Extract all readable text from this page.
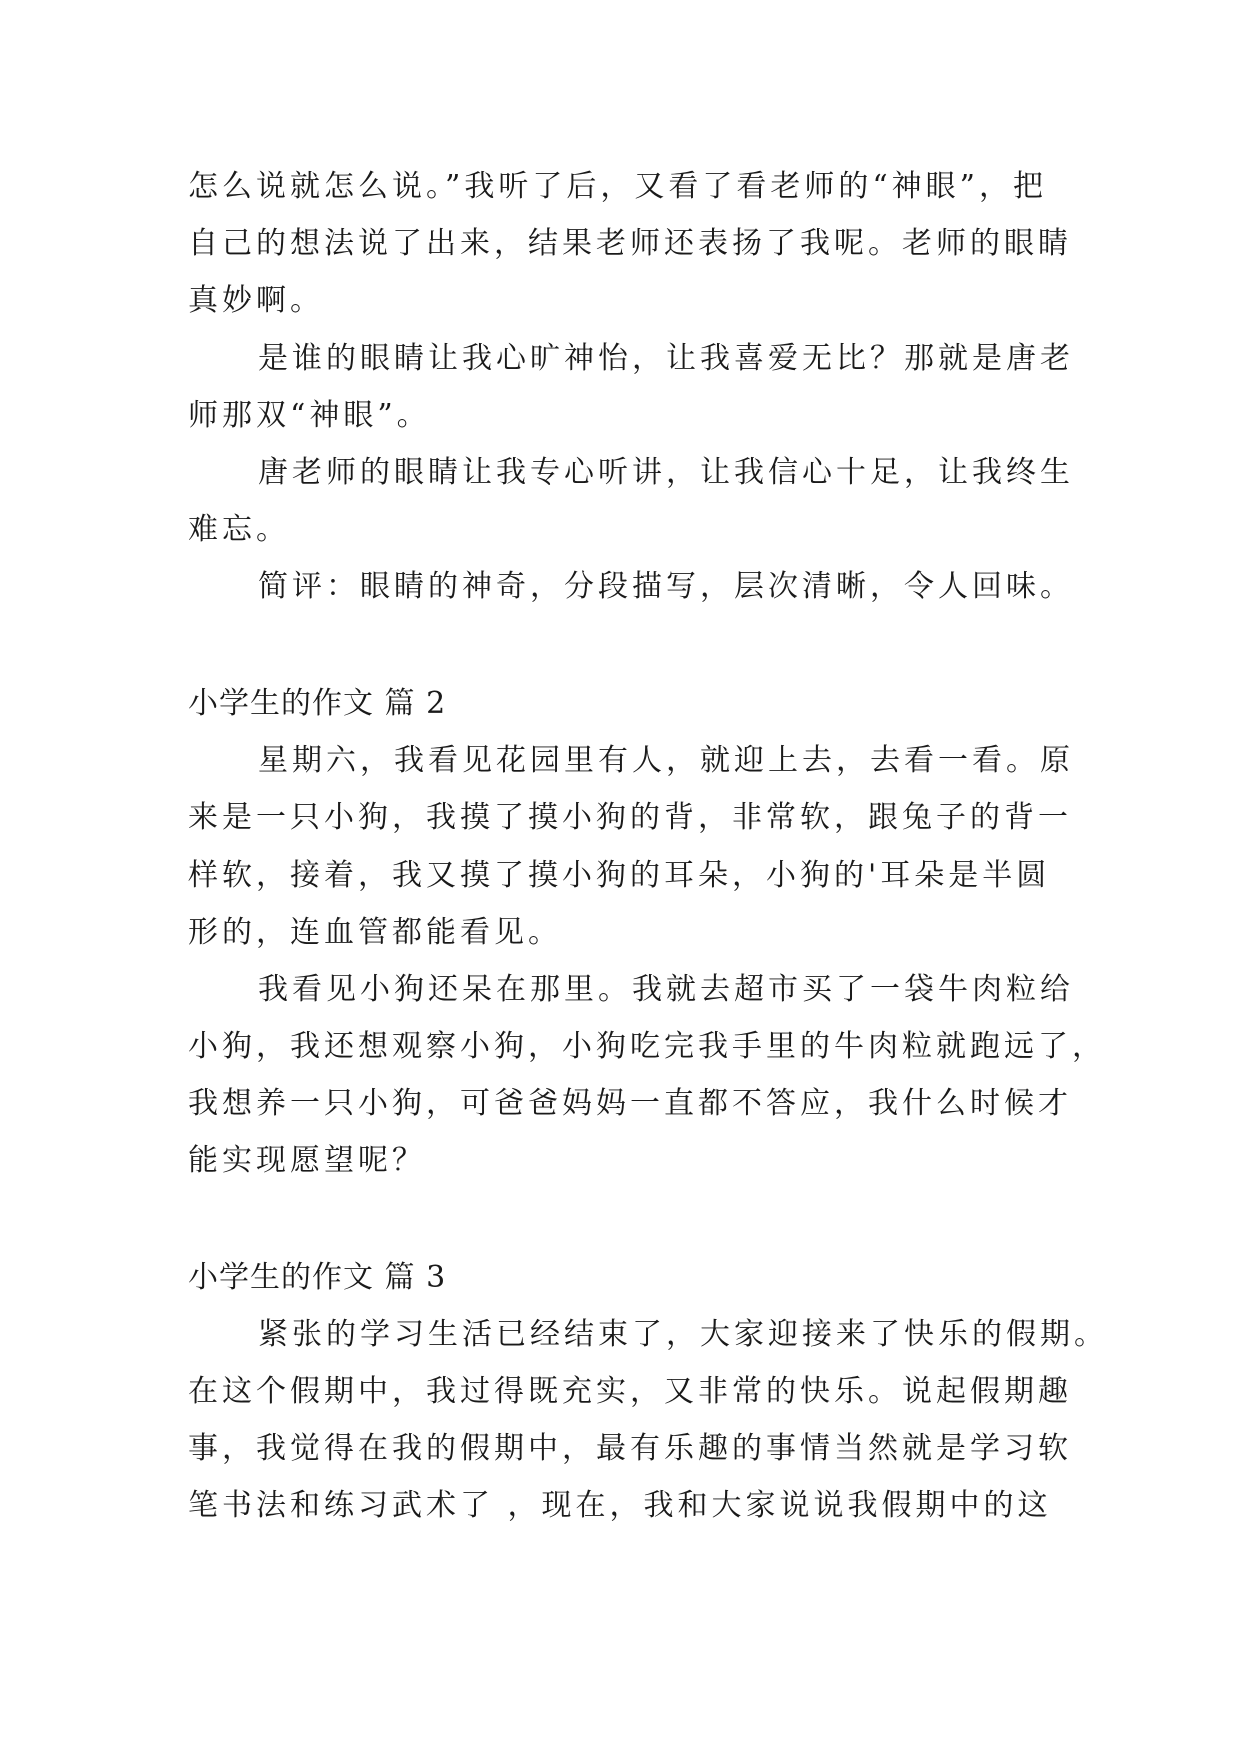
怎么说就怎么说。”我听了后，又看了看老师的“神眼”，把
自己的想法说了出来，结果老师还表扬了我呢。老师的眼睛
真妙啊。
是谁的眼睛让我心旷神怡，让我喜爱无比？那就是唐老
师那双“神眼”。
唐老师的眼睛让我专心听讲，让我信心十足，让我终生
难忘。
简评：眼睛的神奇，分段描写，层次清晰，令人回味。
小学生的作文 篇 2
星期六，我看见花园里有人，就迎上去，去看一看。原
来是一只小狗，我摸了摸小狗的背，非常软，跟兔子的背一
样软，接着，我又摸了摸小狗的耳朵，小狗的'耳朵是半圆
形的，连血管都能看见。
我看见小狗还呆在那里。我就去超市买了一袋牛肉粒给
小狗，我还想观察小狗，小狗吃完我手里的牛肉粒就跑远了，
我想养一只小狗，可爸爸妈妈一直都不答应，我什么时候才
能实现愿望呢？
小学生的作文 篇 3
紧张的学习生活已经结束了，大家迎接来了快乐的假期。
在这个假期中，我过得既充实，又非常的快乐。说起假期趣
事，我觉得在我的假期中，最有乐趣的事情当然就是学习软
笔书法和练习武术了 ，现在，我和大家说说我假期中的这
